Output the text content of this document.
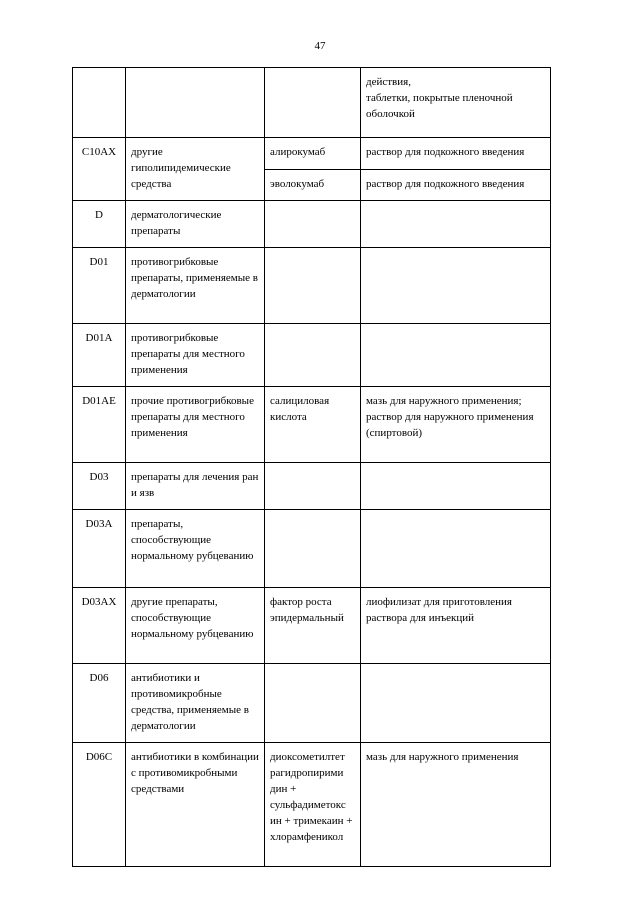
47

			действия,
таблетки, покрытые пленочной оболочкой

C10AX	другие гиполипидемические средства	алирокумаб	раствор для подкожного введения
		эволокумаб	раствор для подкожного введения
D	дерматологические препараты		
D01	противогрибковые препараты, применяемые в дерматологии		
D01A	противогрибковые препараты для местного применения		
D01AE	прочие противогрибковые препараты для местного применения	салициловая кислота	мазь для наружного применения;
раствор для наружного применения (спиртовой)

D03	препараты для лечения ран и язв		
D03A	препараты, способствующие нормальному рубцеванию		
D03AX	другие препараты, способствующие нормальному рубцеванию	фактор роста эпидермальный	лиофилизат для приготовления раствора для инъекций
D06	антибиотики и противомикробные средства, применяемые в дерматологии		
D06C	антибиотики в комбинации с противомикробными средствами	диоксометилтет рагидропирими дин + сульфадиметокс ин + тримекаин + хлорамфеникол	мазь для наружного применения
